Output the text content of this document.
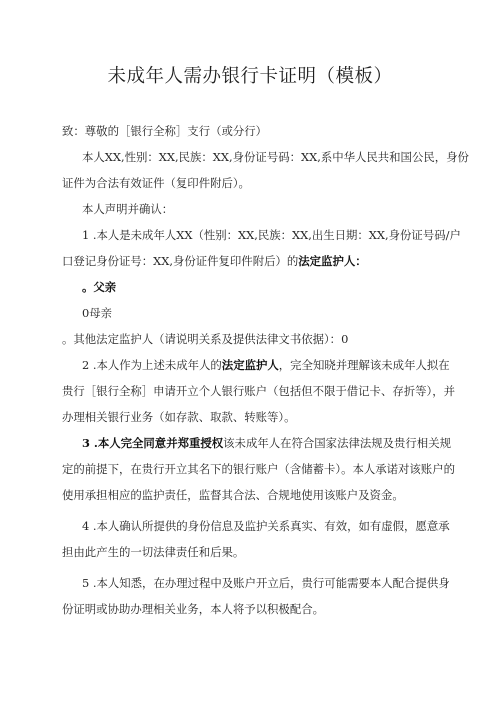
未成年人需办银行卡证明（模板）
致：尊敬的［银行全称］支行（或分行）
本人XX,性别：XX,民族：XX,身份证号码：XX,系中华人民共和国公民，身份
证件为合法有效证件（复印件附后）。
本人声明并确认：
1 .本人是未成年人XX（性别：XX,民族：XX,出生日期：XX,身份证号码/户
口登记身份证号：XX,身份证件复印件附后）的法定监护人：
。父亲
0母亲
。其他法定监护人（请说明关系及提供法律文书依据）：0
2 .本人作为上述未成年人的法定监护人，完全知晓并理解该未成年人拟在
贵行［银行全称］申请开立个人银行账户（包括但不限于借记卡、存折等），并
办理相关银行业务（如存款、取款、转账等）。
3 .本人完全同意并郑重授权该未成年人在符合国家法律法规及贵行相关规
定的前提下，在贵行开立其名下的银行账户（含储蓄卡）。本人承诺对该账户的
使用承担相应的监护责任，监督其合法、合规地使用该账户及资金。
4 .本人确认所提供的身份信息及监护关系真实、有效，如有虚假，愿意承
担由此产生的一切法律责任和后果。
5 .本人知悉，在办理过程中及账户开立后，贵行可能需要本人配合提供身
份证明或协助办理相关业务，本人将予以积极配合。
